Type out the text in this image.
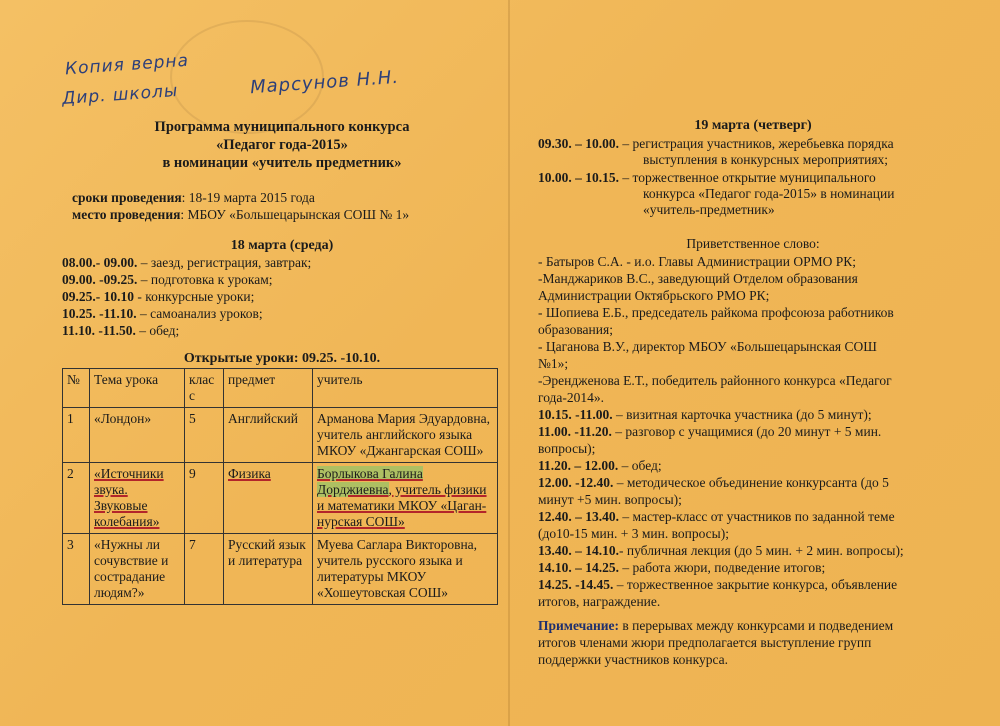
Копия верна
Дир. школы	Марсунов Н.Н.
Программа муниципального конкурса
«Педагог года-2015»
в номинации «учитель предметник»
сроки проведения: 18-19 марта 2015 года
место проведения: МБОУ «Большецарынская СОШ № 1»
18 марта (среда)
08.00.- 09.00. – заезд, регистрация, завтрак;
09.00. -09.25. – подготовка к урокам;
09.25.- 10.10 - конкурсные уроки;
10.25. -11.10. – самоанализ уроков;
11.10. -11.50. – обед;
Открытые уроки: 09.25. -10.10.
№	Тема урока	класс	предмет	учитель
1	«Лондон»	5	Английский	Арманова Мария Эдуардовна, учитель английского языка МКОУ «Джангарская СОШ»
2	«Источники звука. Звуковые колебания»	9	Физика	Борлыкова Галина Дорджиевна, учитель физики и математики МКОУ «Цаган-нурская СОШ»
3	«Нужны ли сочувствие и сострадание людям?»	7	Русский язык и литература	Муева Саглара Викторовна, учитель русского языка и литературы МКОУ «Хошеутовская СОШ»
19 марта (четверг)
09.30. – 10.00. – регистрация участников, жеребьевка порядка
выступления в конкурсных мероприятиях;
10.00. – 10.15. – торжественное открытие муниципального
конкурса «Педагог года-2015» в номинации
«учитель-предметник»
Приветственное слово:
- Батыров С.А. - и.о. Главы Администрации ОРМО РК;
-Манджариков В.С., заведующий Отделом образования
Администрации Октябрьского РМО РК;
- Шопиева Е.Б., председатель райкома профсоюза работников
образования;
- Цаганова В.У., директор МБОУ «Большецарынская СОШ
№1»;
-Эренджeнова Е.Т., победитель районного конкурса «Педагог
года-2014».
10.15. -11.00. – визитная карточка участника (до 5 минут);
11.00. -11.20. – разговор с учащимися (до 20 минут + 5 мин.
вопросы);
11.20. – 12.00. – обед;
12.00. -12.40. – методическое объединение конкурсанта (до 5
минут +5 мин. вопросы);
12.40. – 13.40. – мастер-класс от участников по заданной теме
(до10-15 мин. + 3 мин. вопросы);
13.40. – 14.10.- публичная лекция (до 5 мин. + 2 мин. вопросы);
14.10. – 14.25. – работа жюри, подведение итогов;
14.25. -14.45. – торжественное закрытие конкурса, объявление
итогов, награждение.
Примечание: в перерывах между конкурсами и подведением
итогов членами жюри предполагается выступление групп
поддержки участников конкурса.
